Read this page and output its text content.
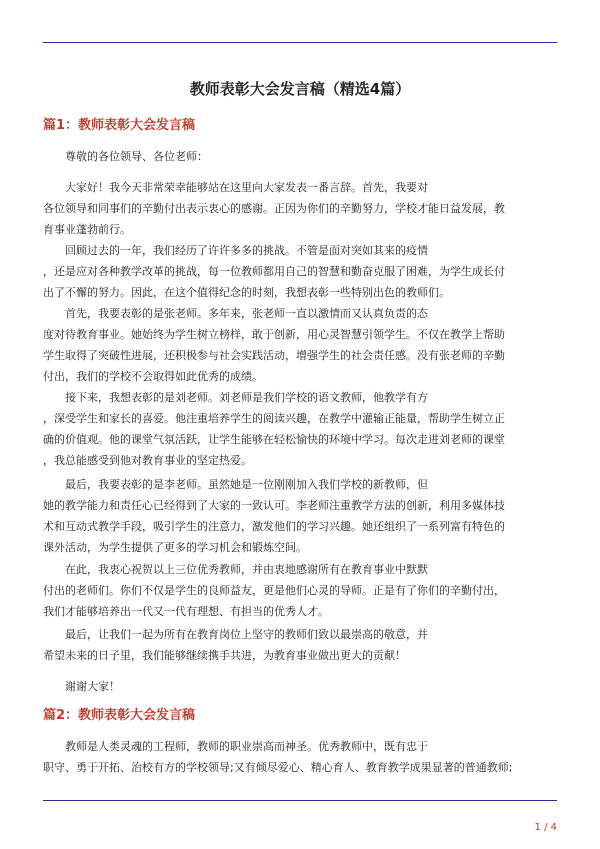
教师表彰大会发言稿（精选4篇）
篇1：教师表彰大会发言稿
尊敬的各位领导、各位老师：
大家好！我今天非常荣幸能够站在这里向大家发表一番言辞。首先，我要对
各位领导和同事们的辛勤付出表示衷心的感谢。正因为你们的辛勤努力，学校才能日益发展，教
育事业蓬勃前行。
回顾过去的一年，我们经历了许许多多的挑战。不管是面对突如其来的疫情
，还是应对各种教学改革的挑战，每一位教师都用自己的智慧和勤奋克服了困难，为学生成长付
出了不懈的努力。因此，在这个值得纪念的时刻，我想表彰一些特别出色的教师们。
首先，我要表彰的是张老师。多年来，张老师一直以激情而又认真负责的态
度对待教育事业。她始终为学生树立榜样，敢于创新，用心灵智慧引领学生。不仅在教学上帮助
学生取得了突破性进展，还积极参与社会实践活动，增强学生的社会责任感。没有张老师的辛勤
付出，我们的学校不会取得如此优秀的成绩。
接下来，我想表彰的是刘老师。刘老师是我们学校的语文教师，他教学有方
，深受学生和家长的喜爱。他注重培养学生的阅读兴趣，在教学中灌输正能量，帮助学生树立正
确的价值观。他的课堂气氛活跃，让学生能够在轻松愉快的环境中学习。每次走进刘老师的课堂
，我总能感受到他对教育事业的坚定热爱。
最后，我要表彰的是李老师。虽然她是一位刚刚加入我们学校的新教师，但
她的教学能力和责任心已经得到了大家的一致认可。李老师注重教学方法的创新，利用多媒体技
术和互动式教学手段，吸引学生的注意力，激发他们的学习兴趣。她还组织了一系列富有特色的
课外活动，为学生提供了更多的学习机会和锻炼空间。
在此，我衷心祝贺以上三位优秀教师，并由衷地感谢所有在教育事业中默默
付出的老师们。你们不仅是学生的良师益友，更是他们心灵的导师。正是有了你们的辛勤付出，
我们才能够培养出一代又一代有理想、有担当的优秀人才。
最后，让我们一起为所有在教育岗位上坚守的教师们致以最崇高的敬意，并
希望未来的日子里，我们能够继续携手共进，为教育事业做出更大的贡献！
谢谢大家！
篇2：教师表彰大会发言稿
教师是人类灵魂的工程师，教师的职业崇高而神圣。优秀教师中，既有忠于
职守、勇于开拓、治校有方的学校领导;又有倾尽爱心、精心育人、教育教学成果显著的普通教师;
1 / 4
